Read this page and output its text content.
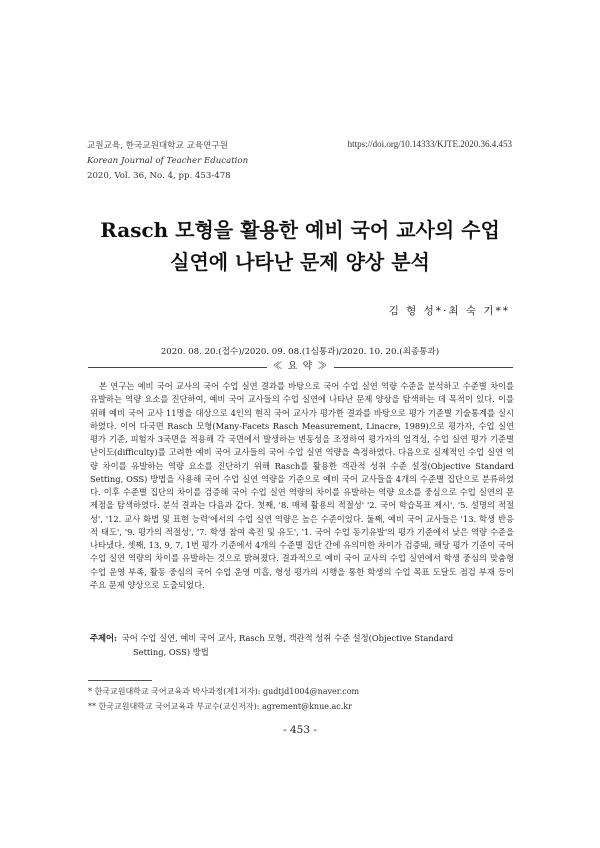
교원교육, 한국교원대학교 교육연구원
Korean Journal of Teacher Education
2020, Vol. 36, No. 4, pp. 453-478
https://doi.org/10.14333/KJTE.2020.36.4.453
Rasch 모형을 활용한 예비 국어 교사의 수업
실연에 나타난 문제 양상 분석
김 형 성*·최 숙 기**
2020. 08. 20.(접수)/2020. 09. 08.(1심통과)/2020. 10. 20.(최종통과)
≪ 요 약 ≫

본 연구는 예비 국어 교사의 국어 수업 실연 결과를 바탕으로 국어 수업 실연 역량 수준을 분석하고 수준별 차이를 유발하는 역량 요소를 진단하여, 예비 국어 교사들의 수업 실연에 나타난 문제 양상을 탐색하는 데 목적이 있다. 이를 위해 예비 국어 교사 11명을 대상으로 4인의 현직 국어 교사가 평가한 결과를 바탕으로 평가 기준별 기술통계를 실시하였다. 이어 다국면 Rasch 모형(Many-Facets Rasch Measurement, Linacre, 1989)으로 평가자, 수업 실연 평가 기준, 피험자 3국면을 적용해 각 국면에서 발생하는 변동성을 조정하여 평가자의 엄격성, 수업 실연 평가 기준별 난이도(difficulty)를 고려한 예비 국어 교사들의 국어 수업 실연 역량을 측정하였다. 다음으로 실제적인 수업 실연 역량 차이를 유발하는 역량 요소를 진단하기 위해 Rasch를 활용한 객관적 성취 수준 설정(Objective Standard Setting, OSS) 방법을 사용해 국어 수업 실연 역량을 기준으로 예비 국어 교사들을 4개의 수준별 집단으로 분류하였다. 이후 수준별 집단의 차이를 검증해 국어 수업 실연 역량의 차이를 유발하는 역량 요소를 중심으로 수업 실연의 문제점을 탐색하였다. 분석 결과는 다음과 같다. 첫째, '8. 매체 활용의 적절성' '2. 국어 학습목표 제시', '5. 설명의 적절성', '12. 교사 화법 및 표현 능력'에서의 수업 실연 역량은 높은 수준이었다. 둘째, 예비 국어 교사들은 '13. 학생 반응적 태도', '9. 평가의 적절성', '7. 학생 참여 촉진 및 유도', '1. 국어 수업 동기유발'의 평가 기준에서 낮은 역량 수준을 나타냈다. 셋째, 13, 9, 7, 1번 평가 기준에서 4개의 수준별 집단 간에 유의미한 차이가 검증돼, 해당 평가 기준이 국어 수업 실연 역량의 차이를 유발하는 것으로 밝혀졌다. 결과적으로 예비 국어 교사의 수업 실연에서 학생 중심의 맞춤형 수업 운영 부족, 활동 중심의 국어 수업 운영 미흡, 형성 평가의 시행을 통한 학생의 수업 목표 도달도 점검 부재 등이 주요 문제 양상으로 도출되었다.

주제어: 국어 수업 실연, 예비 국어 교사, Rasch 모형, 객관적 성취 수준 설정(Objective Standard
Setting, OSS) 방법
* 한국교원대학교 국어교육과 박사과정(제1저자): gudtjd1004@naver.com
** 한국교원대학교 국어교육과 부교수(교신저자): agrement@knue.ac.kr
- 453 -
